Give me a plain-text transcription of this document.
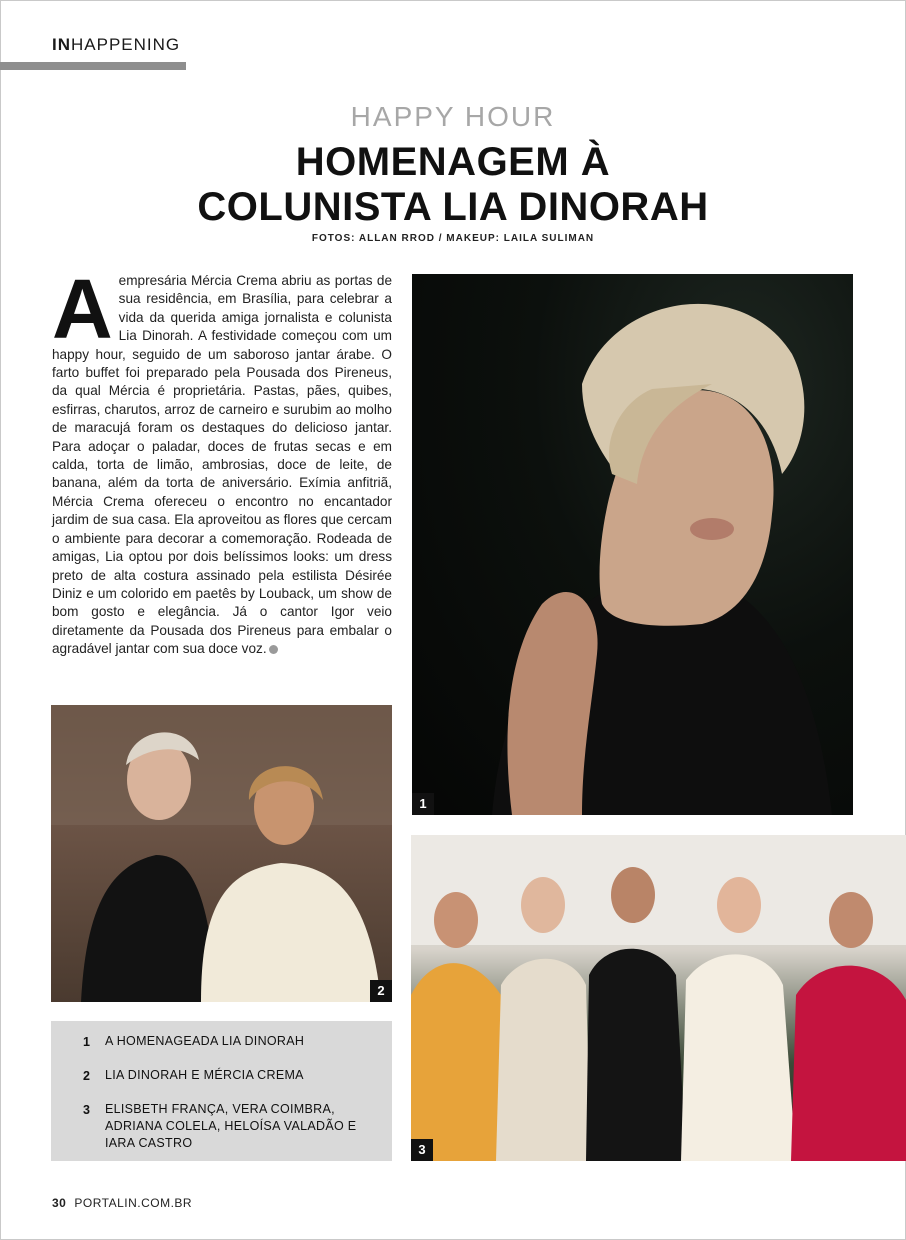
INHAPPENING
HAPPY HOUR
HOMENAGEM À
COLUNISTA LIA DINORAH
FOTOS: ALLAN RROD / MAKEUP: LAILA SULIMAN
Aempresária Mércia Crema abriu as portas de sua residência, em Brasília, para celebrar a vida da querida amiga jornalista e colunista Lia Dinorah. A festividade começou com um happy hour, seguido de um saboroso jantar árabe. O farto buffet foi preparado pela Pousada dos Pireneus, da qual Mércia é proprietária. Pastas, pães, quibes, esfirras, charutos, arroz de carneiro e surubim ao molho de maracujá foram os destaques do delicioso jantar. Para adoçar o paladar, doces de frutas secas e em calda, torta de limão, ambrosias, doce de leite, de banana, além da torta de aniversário. Exímia anfitriã, Mércia Crema ofereceu o encontro no encantador jardim de sua casa. Ela aproveitou as flores que cercam o ambiente para decorar a comemoração. Rodeada de amigas, Lia optou por dois belíssimos looks: um dress preto de alta costura assinado pela estilista Désirée Diniz e um colorido em paetês by Louback, um show de bom gosto e elegância. Já o cantor Igor veio diretamente da Pousada dos Pireneus para embalar o agradável jantar com sua doce voz.
1
2
3
1 A HOMENAGEADA LIA DINORAH
2 LIA DINORAH E MÉRCIA CREMA
3 ELISBETH FRANÇA, VERA COIMBRA, ADRIANA COLELA, HELOÍSA VALADÃO E IARA CASTRO
30 PORTALIN.COM.BR
